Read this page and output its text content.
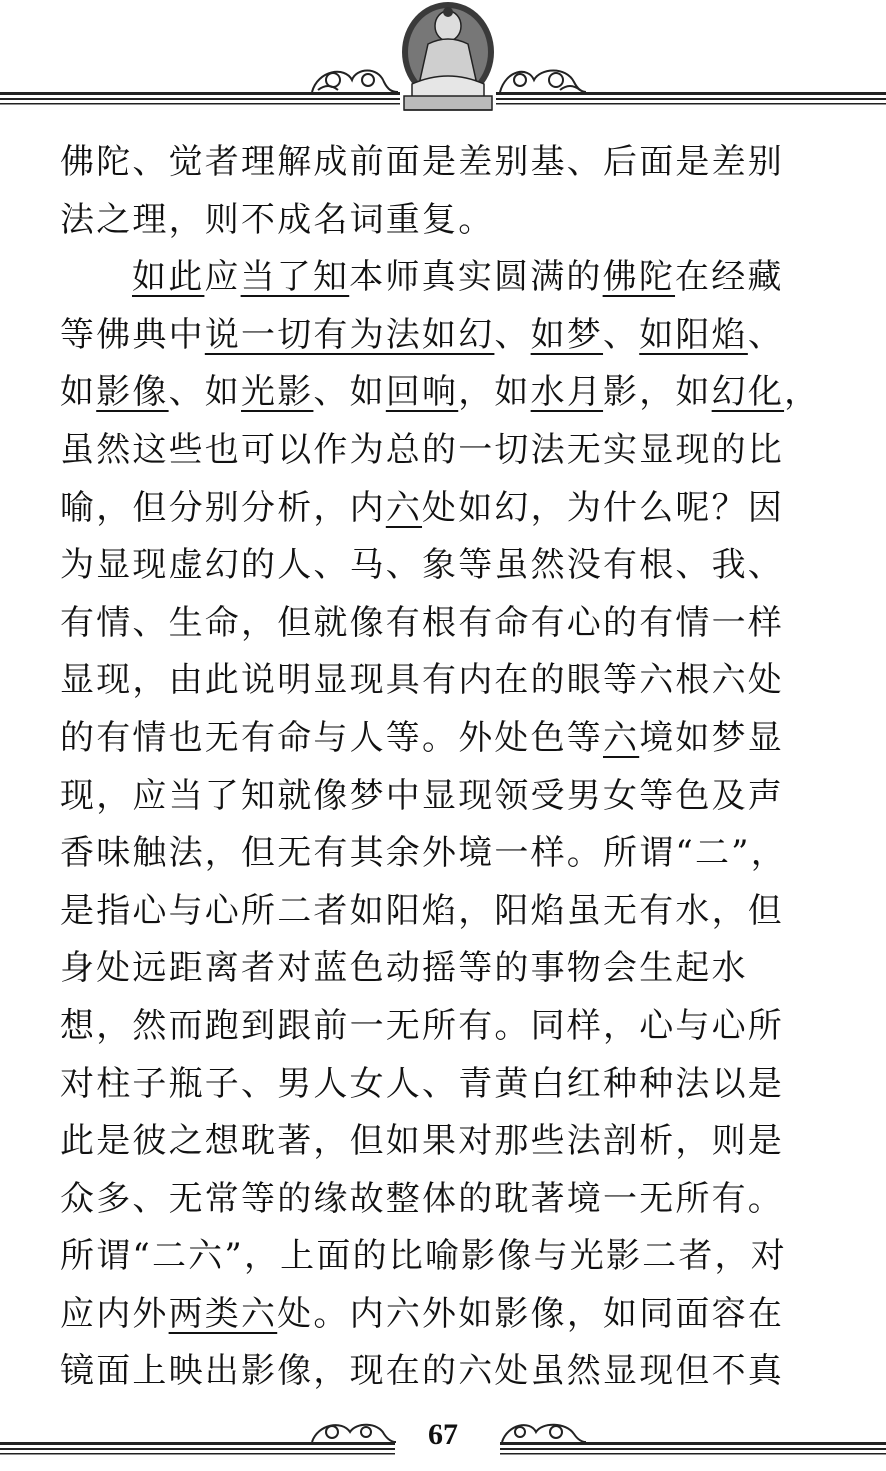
佛陀、觉者理解成前面是差别基、后面是差别
法之理，则不成名词重复。
如此应当了知本师真实圆满的佛陀在经藏
等佛典中说一切有为法如幻、如梦、如阳焰、
如影像、如光影、如回响，如水月影，如幻化，
虽然这些也可以作为总的一切法无实显现的比
喻，但分别分析，内六处如幻，为什么呢？因
为显现虚幻的人、马、象等虽然没有根、我、
有情、生命，但就像有根有命有心的有情一样
显现，由此说明显现具有内在的眼等六根六处
的有情也无有命与人等。外处色等六境如梦显
现，应当了知就像梦中显现领受男女等色及声
香味触法，但无有其余外境一样。所谓“二”，
是指心与心所二者如阳焰，阳焰虽无有水，但
身处远距离者对蓝色动摇等的事物会生起水
想，然而跑到跟前一无所有。同样，心与心所
对柱子瓶子、男人女人、青黄白红种种法以是
此是彼之想耽著，但如果对那些法剖析，则是
众多、无常等的缘故整体的耽著境一无所有。
所谓“二六”，上面的比喻影像与光影二者，对
应内外两类六处。内六外如影像，如同面容在
镜面上映出影像，现在的六处虽然显现但不真
67
